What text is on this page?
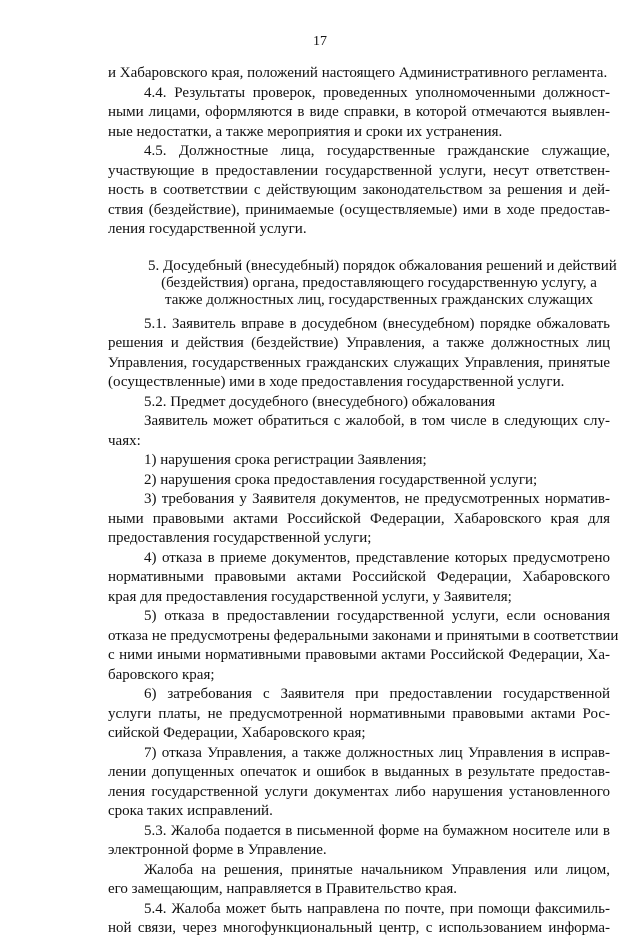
17
и Хабаровского края, положений настоящего Административного регламента.
4.4. Результаты проверок, проведенных уполномоченными должност-
ными лицами, оформляются в виде справки, в которой отмечаются выявлен-
ные недостатки, а также мероприятия и сроки их устранения.
4.5. Должностные лица, государственные гражданские служащие,
участвующие в предоставлении государственной услуги, несут ответствен-
ность в соответствии с действующим законодательством за решения и дей-
ствия (бездействие), принимаемые (осуществляемые) ими в ходе предостав-
ления государственной услуги.
5. Досудебный (внесудебный) порядок обжалования решений и действий
(бездействия) органа, предоставляющего государственную услугу, а
также должностных лиц, государственных гражданских служащих
5.1. Заявитель вправе в досудебном (внесудебном) порядке обжаловать
решения и действия (бездействие) Управления, а также должностных лиц
Управления, государственных гражданских служащих Управления, принятые
(осуществленные) ими в ходе предоставления государственной услуги.
5.2. Предмет досудебного (внесудебного) обжалования
Заявитель может обратиться с жалобой, в том числе в следующих слу-
чаях:
1) нарушения срока регистрации Заявления;
2) нарушения срока предоставления государственной услуги;
3) требования у Заявителя документов, не предусмотренных норматив-
ными правовыми актами Российской Федерации, Хабаровского края для
предоставления государственной услуги;
4) отказа в приеме документов, представление которых предусмотрено
нормативными правовыми актами Российской Федерации, Хабаровского
края для предоставления государственной услуги, у Заявителя;
5) отказа в предоставлении государственной услуги, если основания
отказа не предусмотрены федеральными законами и принятыми в соответствии
с ними иными нормативными правовыми актами Российской Федерации, Ха-
баровского края;
6) затребования с Заявителя при предоставлении государственной
услуги платы, не предусмотренной нормативными правовыми актами Рос-
сийской Федерации, Хабаровского края;
7) отказа Управления, а также должностных лиц Управления в исправ-
лении допущенных опечаток и ошибок в выданных в результате предостав-
ления государственной услуги документах либо нарушения установленного
срока таких исправлений.
5.3. Жалоба подается в письменной форме на бумажном носителе или в
электронной форме в Управление.
Жалоба на решения, принятые начальником Управления или лицом,
его замещающим, направляется в Правительство края.
5.4. Жалоба может быть направлена по почте, при помощи факсимиль-
ной связи, через многофункциональный центр, с использованием информа-
